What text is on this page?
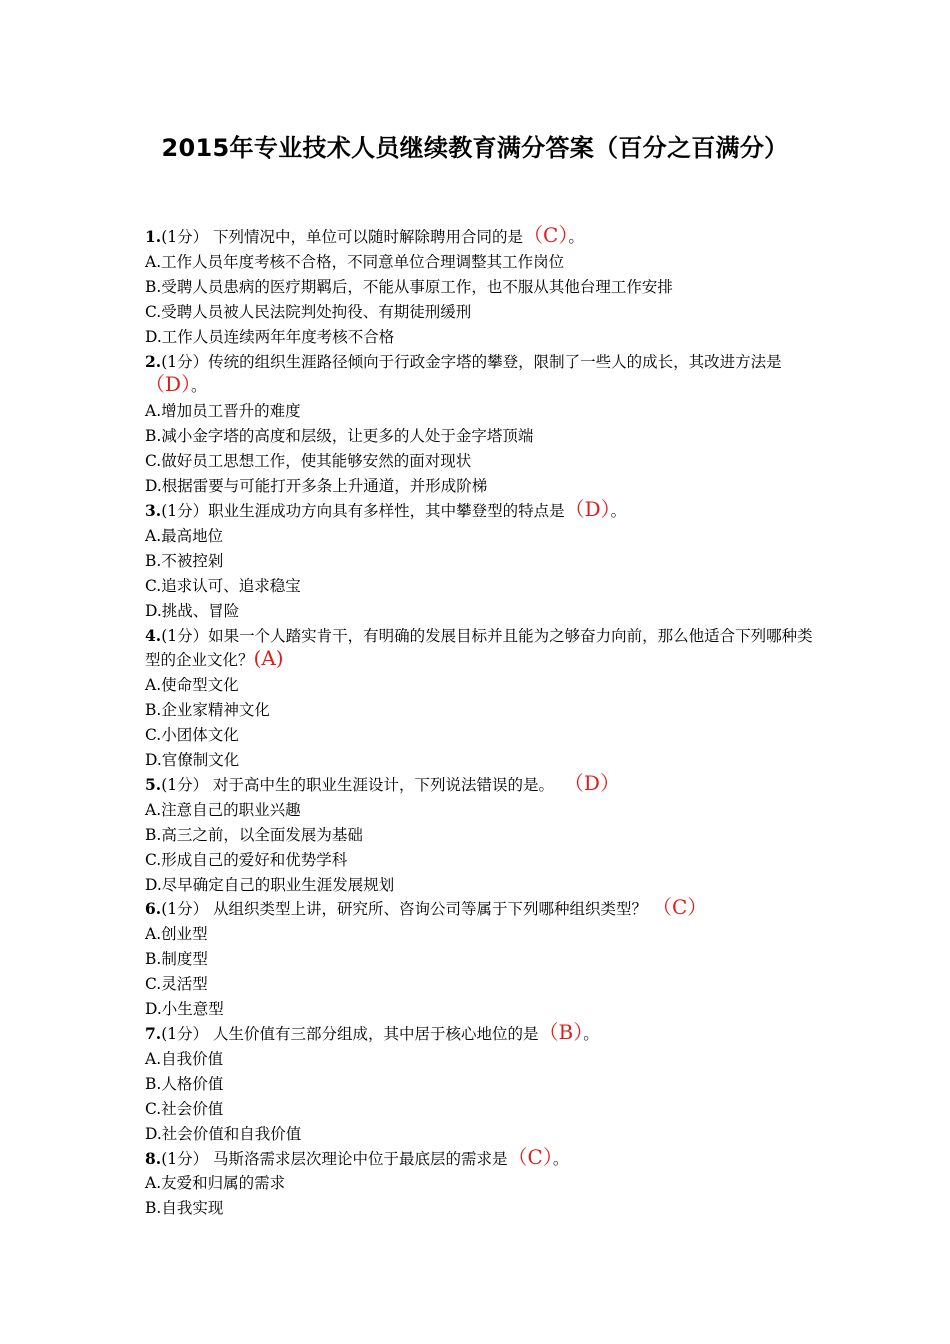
2015年专业技术人员继续教育满分答案（百分之百满分）
1.(1分） 下列情况中，单位可以随时解除聘用合同的是（C）。
A.工作人员年度考核不合格，不同意单位合理调整其工作岗位
B.受聘人员患病的医疗期羁后，不能从事原工作，也不服从其他台理工作安排
C.受聘人员被人民法院判处拘役、有期徒刑缓刑
D.工作人员连续两年年度考核不合格
2.(1分）传统的组织生涯路径倾向于行政金字塔的攀登，限制了一些人的成长，其改进方法是（D）。
A.增加员工晋升的难度
B.减小金字塔的高度和层级，让更多的人处于金字塔顶端
C.做好员工思想工作，使其能够安然的面对现状
D.根据雷要与可能打开多条上升通道，并形成阶梯
3.(1分）职业生涯成功方向具有多样性，其中攀登型的特点是（D）。
A.最高地位
B.不被控剁
C.追求认可、追求稳宝
D.挑战、冒险
4.(1分）如果一个人踏实肯干，有明确的发展目标并且能为之够奋力向前，那么他适合下列哪种类型的企业文化？(A)
A.使命型文化
B.企业家精神文化
C.小团体文化
D.官僚制文化
5.(1分） 对于高中生的职业生涯设计，下列说法错误的是。 （D）
A.注意自己的职业兴趣
B.高三之前，以全面发展为基础
C.形成自己的爱好和优势学科
D.尽早确定自己的职业生涯发展规划
6.(1分） 从组织类型上讲，研究所、咨询公司等属于下列哪种组织类型？ （C）
A.创业型
B.制度型
C.灵活型
D.小生意型
7.(1分） 人生价值有三部分组成，其中居于核心地位的是（B）。
A.自我价值
B.人格价值
C.社会价值
D.社会价值和自我价值
8.(1分） 马斯洛需求层次理论中位于最底层的需求是（C）。
A.友爱和归属的需求
B.自我实现
